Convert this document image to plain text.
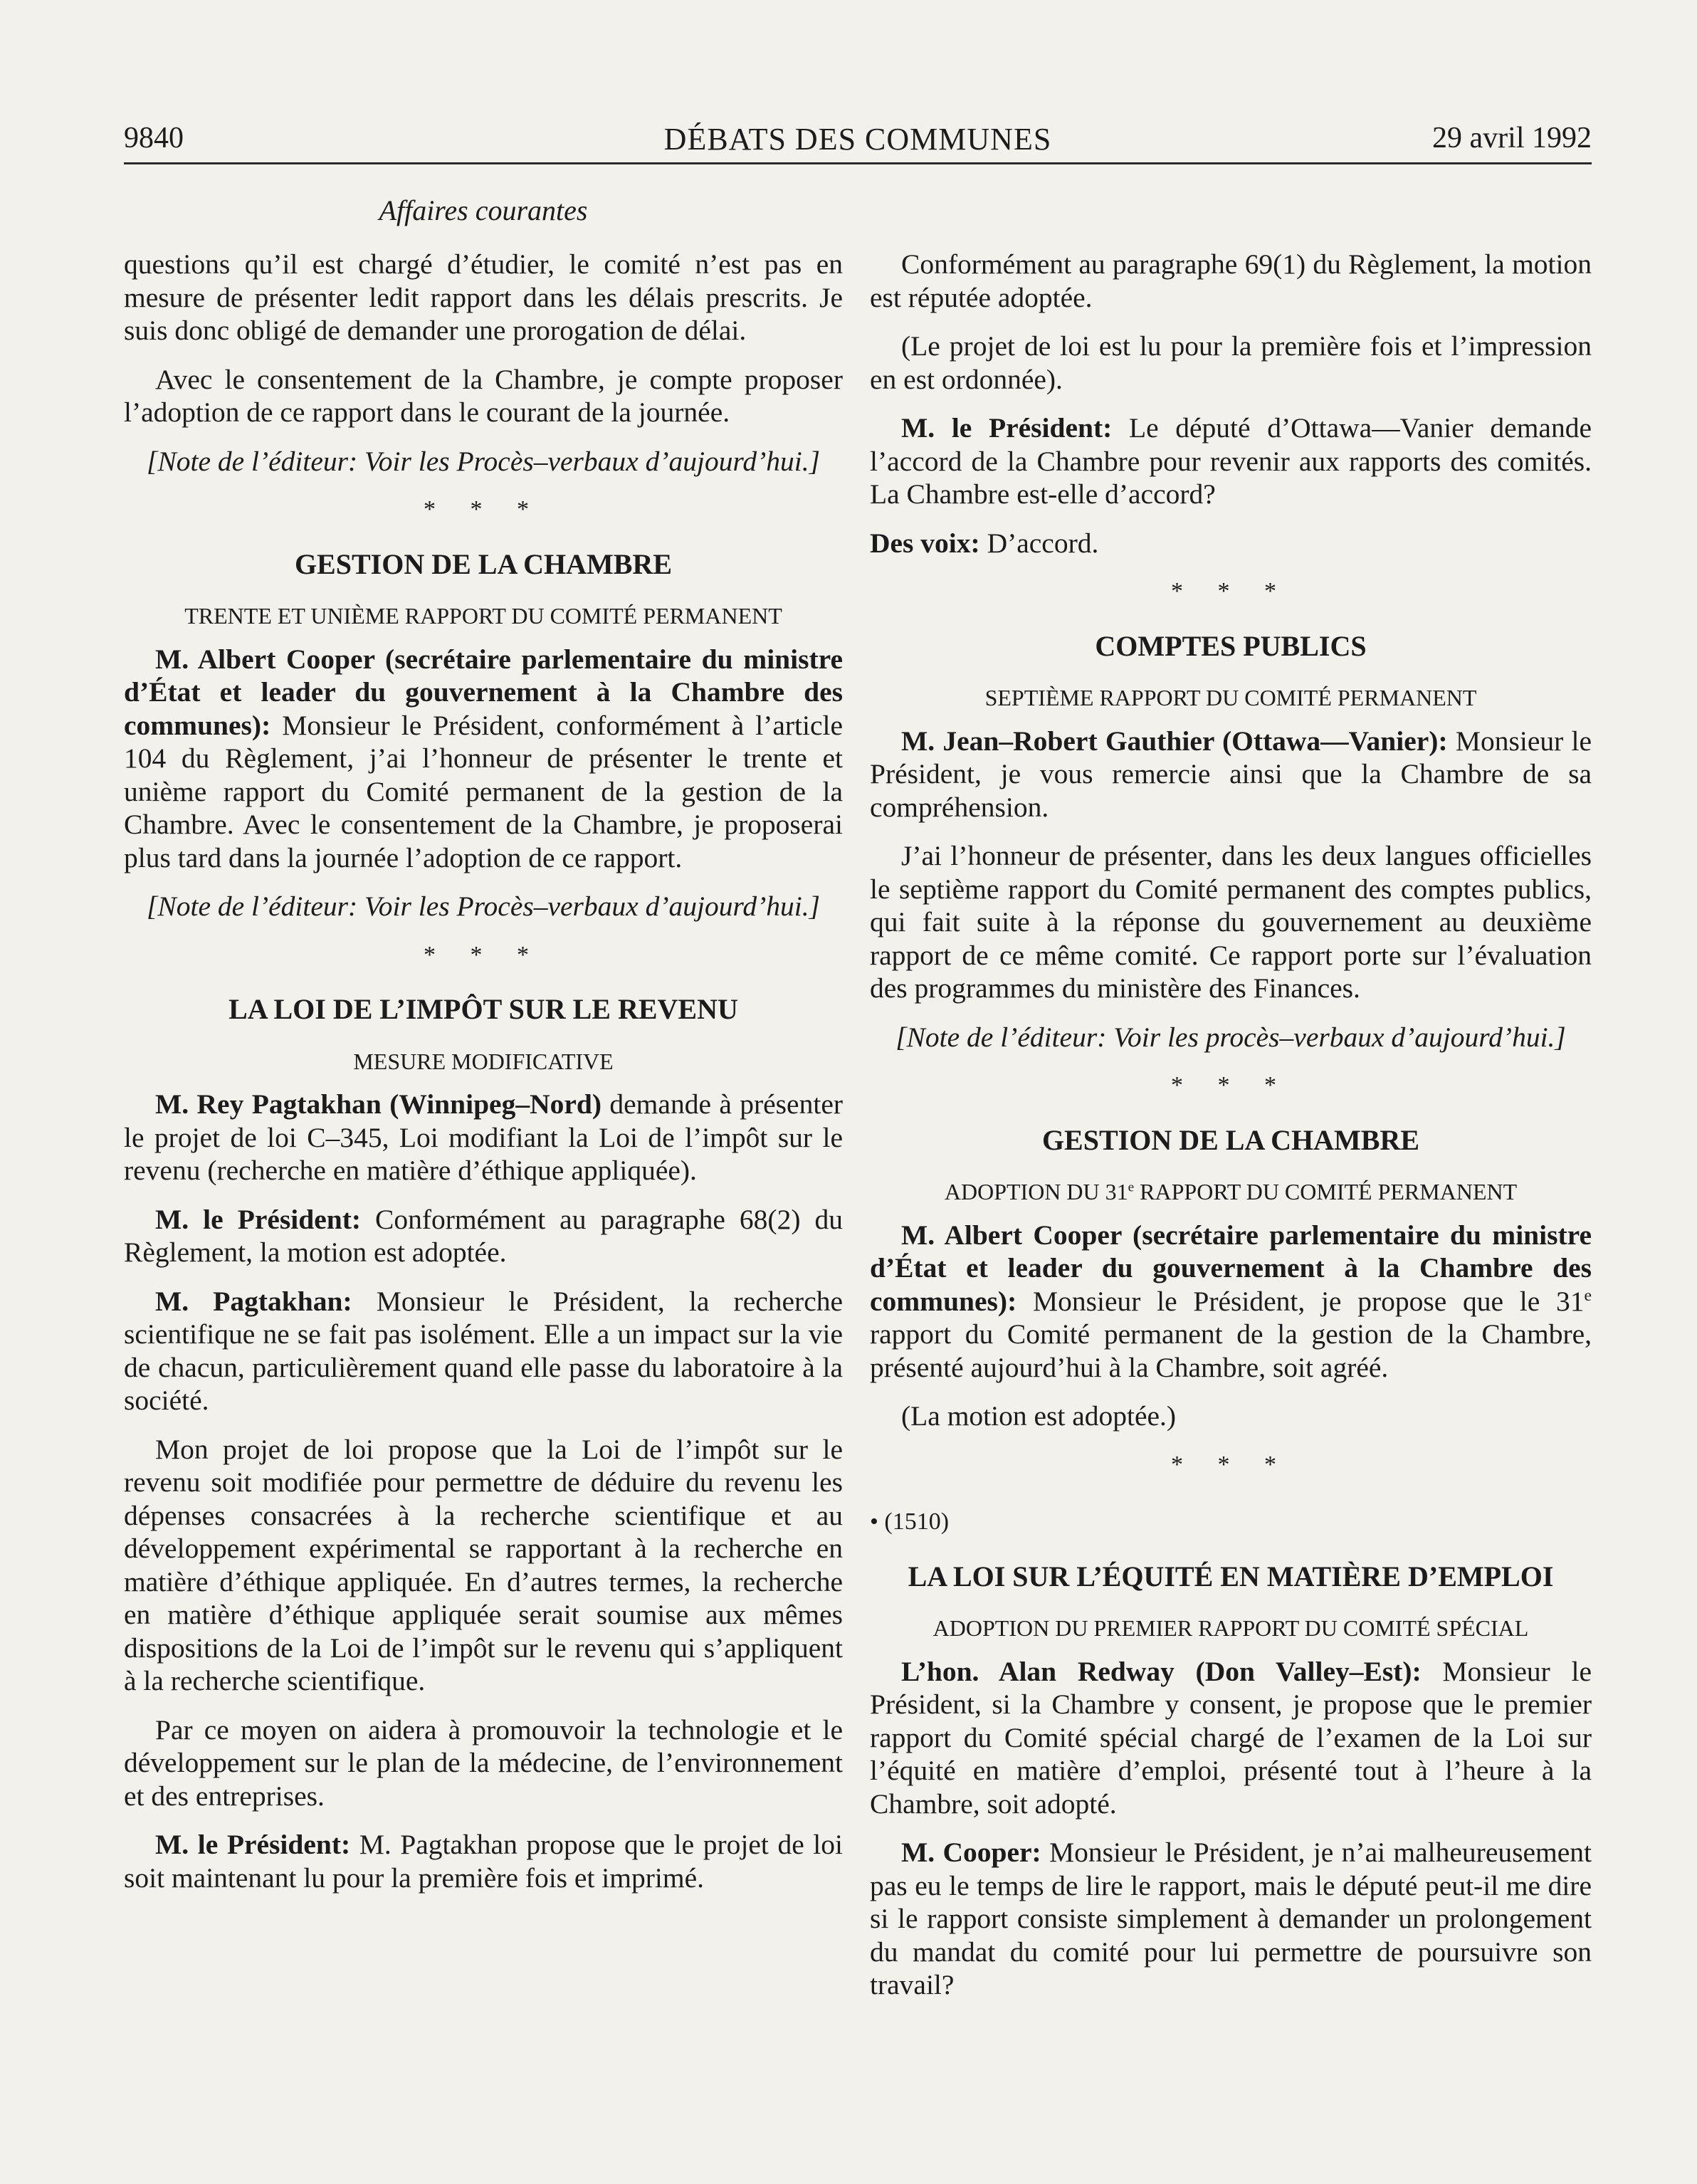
9840	DÉBATS DES COMMUNES	29 avril 1992
Affaires courantes

questions qu’il est chargé d’étudier, le comité n’est pas en mesure de présenter ledit rapport dans les délais prescrits. Je suis donc obligé de demander une prorogation de délai.

Avec le consentement de la Chambre, je compte proposer l’adoption de ce rapport dans le courant de la journée.

[Note de l’éditeur: Voir les Procès–verbaux d’aujourd’hui.]

* * *
GESTION DE LA CHAMBRE
TRENTE ET UNIÈME RAPPORT DU COMITÉ PERMANENT

M. Albert Cooper (secrétaire parlementaire du ministre d’État et leader du gouvernement à la Chambre des communes): Monsieur le Président, conformément à l’article 104 du Règlement, j’ai l’honneur de présenter le trente et unième rapport du Comité permanent de la gestion de la Chambre. Avec le consentement de la Chambre, je proposerai plus tard dans la journée l’adoption de ce rapport.

[Note de l’éditeur: Voir les Procès–verbaux d’aujourd’hui.]

* * *
LA LOI DE L’IMPÔT SUR LE REVENU
MESURE MODIFICATIVE

M. Rey Pagtakhan (Winnipeg–Nord) demande à présenter le projet de loi C–345, Loi modifiant la Loi de l’impôt sur le revenu (recherche en matière d’éthique appliquée).

M. le Président: Conformément au paragraphe 68(2) du Règlement, la motion est adoptée.

M. Pagtakhan: Monsieur le Président, la recherche scientifique ne se fait pas isolément. Elle a un impact sur la vie de chacun, particulièrement quand elle passe du laboratoire à la société.

Mon projet de loi propose que la Loi de l’impôt sur le revenu soit modifiée pour permettre de déduire du revenu les dépenses consacrées à la recherche scientifique et au développement expérimental se rapportant à la recherche en matière d’éthique appliquée. En d’autres termes, la recherche en matière d’éthique appliquée serait soumise aux mêmes dispositions de la Loi de l’impôt sur le revenu qui s’appliquent à la recherche scientifique.

Par ce moyen on aidera à promouvoir la technologie et le développement sur le plan de la médecine, de l’environnement et des entreprises.

M. le Président: M. Pagtakhan propose que le projet de loi soit maintenant lu pour la première fois et imprimé.

Conformément au paragraphe 69(1) du Règlement, la motion est réputée adoptée.

(Le projet de loi est lu pour la première fois et l’impression en est ordonnée).

M. le Président: Le député d’Ottawa—Vanier demande l’accord de la Chambre pour revenir aux rapports des comités. La Chambre est-elle d’accord?

Des voix: D’accord.

* * *
COMPTES PUBLICS
SEPTIÈME RAPPORT DU COMITÉ PERMANENT

M. Jean–Robert Gauthier (Ottawa—Vanier): Monsieur le Président, je vous remercie ainsi que la Chambre de sa compréhension.

J’ai l’honneur de présenter, dans les deux langues officielles le septième rapport du Comité permanent des comptes publics, qui fait suite à la réponse du gouvernement au deuxième rapport de ce même comité. Ce rapport porte sur l’évaluation des programmes du ministère des Finances.

[Note de l’éditeur: Voir les procès–verbaux d’aujourd’hui.]

* * *
GESTION DE LA CHAMBRE
ADOPTION DU 31e RAPPORT DU COMITÉ PERMANENT

M. Albert Cooper (secrétaire parlementaire du ministre d’État et leader du gouvernement à la Chambre des communes): Monsieur le Président, je propose que le 31e rapport du Comité permanent de la gestion de la Chambre, présenté aujourd’hui à la Chambre, soit agréé.

(La motion est adoptée.)

* * *

• (1510)

LA LOI SUR L’ÉQUITÉ EN MATIÈRE D’EMPLOI
ADOPTION DU PREMIER RAPPORT DU COMITÉ SPÉCIAL

L’hon. Alan Redway (Don Valley–Est): Monsieur le Président, si la Chambre y consent, je propose que le premier rapport du Comité spécial chargé de l’examen de la Loi sur l’équité en matière d’emploi, présenté tout à l’heure à la Chambre, soit adopté.

M. Cooper: Monsieur le Président, je n’ai malheureusement pas eu le temps de lire le rapport, mais le député peut-il me dire si le rapport consiste simplement à demander un prolongement du mandat du comité pour lui permettre de poursuivre son travail?
